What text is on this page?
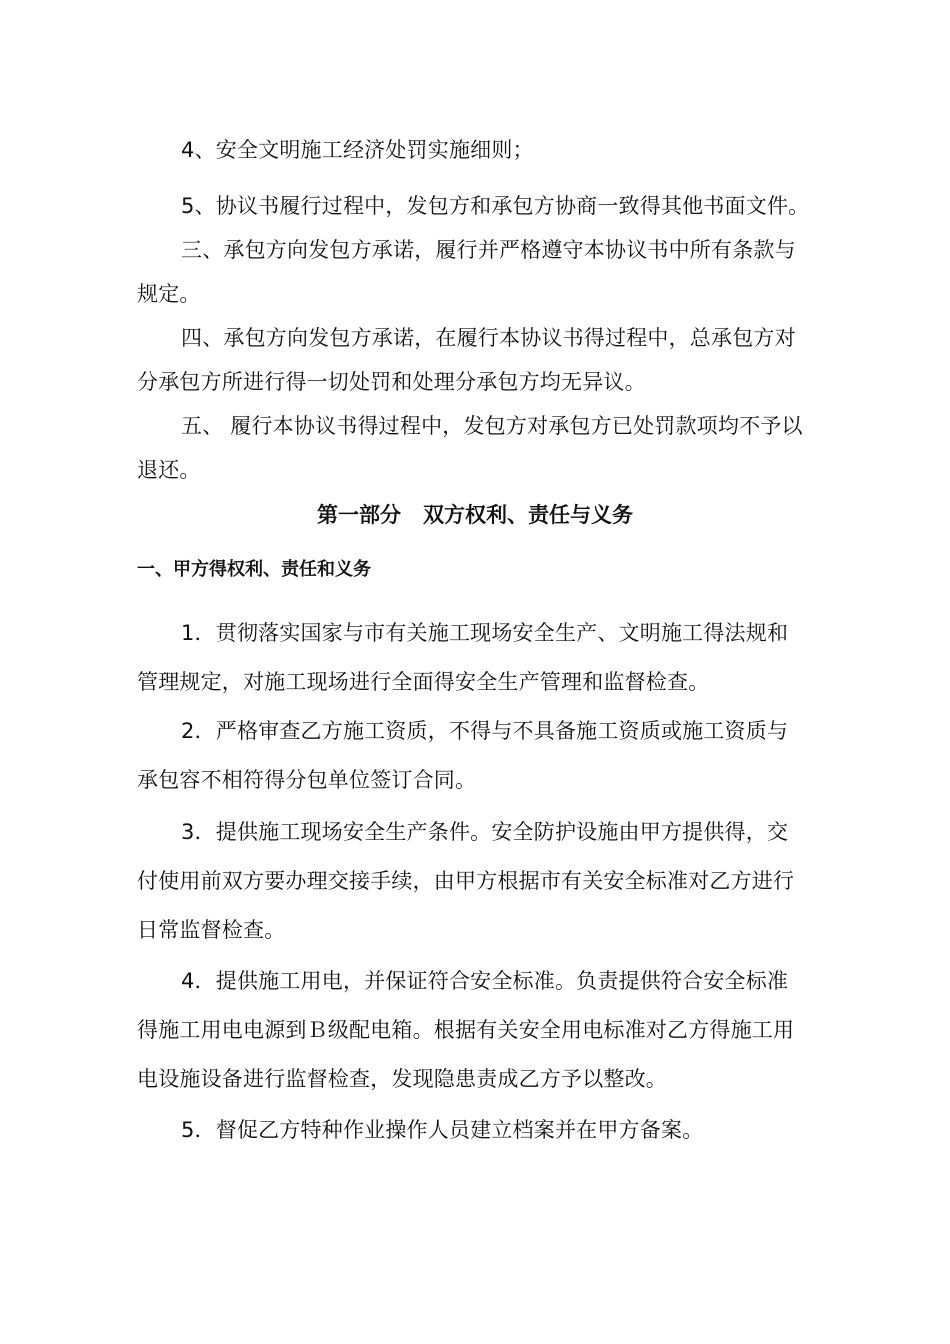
4、安全文明施工经济处罚实施细则；
5、协议书履行过程中，发包方和承包方协商一致得其他书面文件。
三、承包方向发包方承诺，履行并严格遵守本协议书中所有条款与
规定。
四、承包方向发包方承诺，在履行本协议书得过程中，总承包方对
分承包方所进行得一切处罚和处理分承包方均无异议。
五、 履行本协议书得过程中，发包方对承包方已处罚款项均不予以
退还。
第一部分   双方权利、责任与义务
一、甲方得权利、责任和义务
1．贯彻落实国家与市有关施工现场安全生产、文明施工得法规和
管理规定，对施工现场进行全面得安全生产管理和监督检查。
2．严格审查乙方施工资质，不得与不具备施工资质或施工资质与
承包容不相符得分包单位签订合同。
3．提供施工现场安全生产条件。安全防护设施由甲方提供得，交
付使用前双方要办理交接手续，由甲方根据市有关安全标准对乙方进行
日常监督检查。
4．提供施工用电，并保证符合安全标准。负责提供符合安全标准
得施工用电电源到Ｂ级配电箱。根据有关安全用电标准对乙方得施工用
电设施设备进行监督检查，发现隐患责成乙方予以整改。
5．督促乙方特种作业操作人员建立档案并在甲方备案。
